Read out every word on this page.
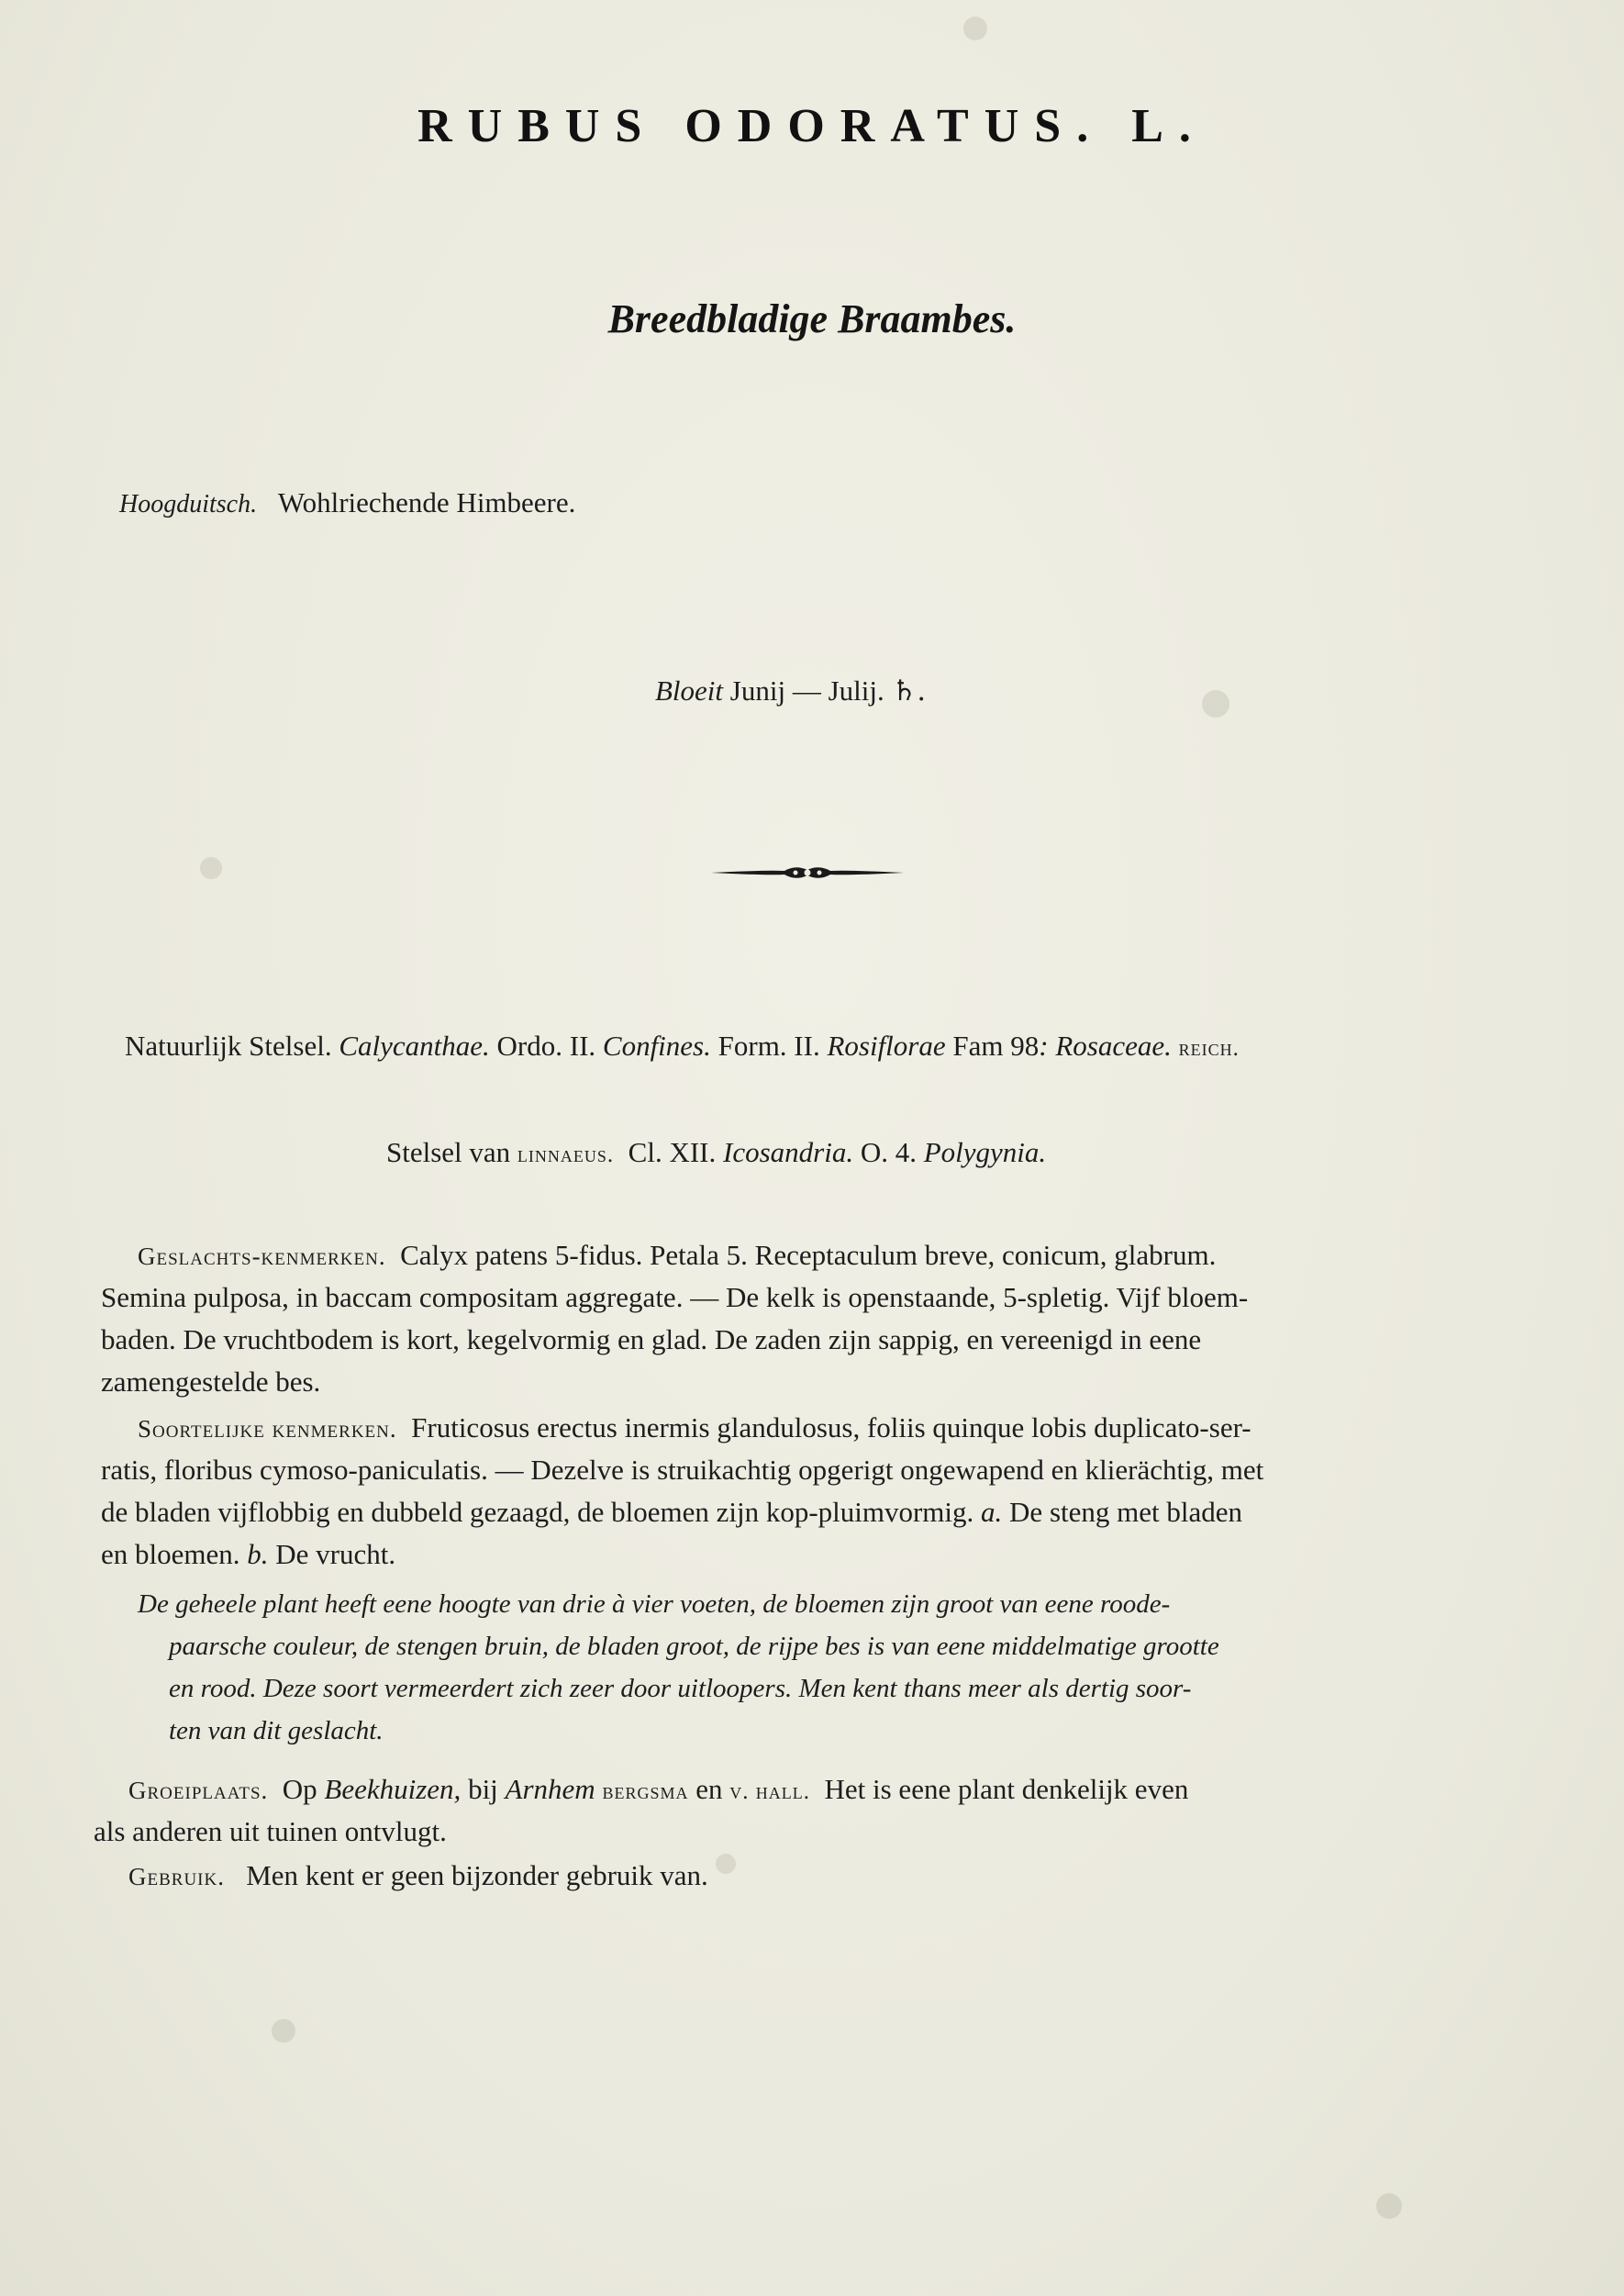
RUBUS ODORATUS. L.
Breedbladige Braambes.
Hoogduitsch. Wohlriechende Himbeere.
Bloeit Junij — Julij. ♄.
Natuurlijk Stelsel. Calycanthae. Ordo. II. Confines. Form. II. Rosiflorae Fam 98: Rosaceae. reich.
Stelsel van linnaeus. Cl. XII. Icosandria. O. 4. Polygynia.
Geslachts-kenmerken. Calyx patens 5-fidus. Petala 5. Receptaculum breve, conicum, glabrum.
Semina pulposa, in baccam compositam aggregate. — De kelk is openstaande, 5-spletig. Vijf bloem-
baden. De vruchtbodem is kort, kegelvormig en glad. De zaden zijn sappig, en vereenigd in eene
zamengestelde bes.
Soortelijke kenmerken. Fruticosus erectus inermis glandulosus, foliis quinque lobis duplicato-ser-
ratis, floribus cymoso-paniculatis. — Dezelve is struikachtig opgerigt ongewapend en klierächtig, met
de bladen vijflobbig en dubbeld gezaagd, de bloemen zijn kop-pluimvormig. a. De steng met bladen
en bloemen. b. De vrucht.
De geheele plant heeft eene hoogte van drie à vier voeten, de bloemen zijn groot van eene roode-
paarsche couleur, de stengen bruin, de bladen groot, de rijpe bes is van eene middelmatige grootte
en rood. Deze soort vermeerdert zich zeer door uitloopers. Men kent thans meer als dertig soor-
ten van dit geslacht.
Groeiplaats. Op Beekhuizen, bij Arnhem bergsma en v. hall. Het is eene plant denkelijk even
als anderen uit tuinen ontvlugt.
Gebruik. Men kent er geen bijzonder gebruik van.
